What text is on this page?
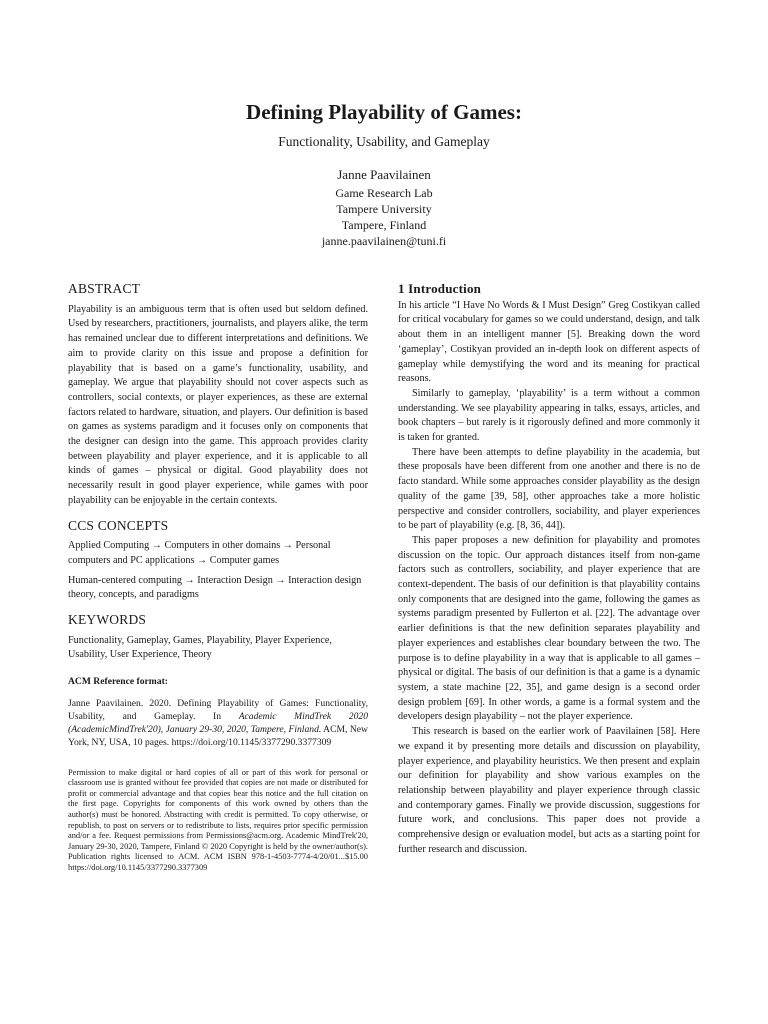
Defining Playability of Games:
Functionality, Usability, and Gameplay
Janne Paavilainen
Game Research Lab
Tampere University
Tampere, Finland
janne.paavilainen@tuni.fi
ABSTRACT

Playability is an ambiguous term that is often used but seldom defined. Used by researchers, practitioners, journalists, and players alike, the term has remained unclear due to different interpretations and definitions. We aim to provide clarity on this issue and propose a definition for playability that is based on a game’s functionality, usability, and gameplay. We argue that playability should not cover aspects such as controllers, social contexts, or player experiences, as these are external factors related to hardware, situation, and players. Our definition is based on games as systems paradigm and it focuses only on components that the designer can design into the game. This approach provides clarity between playability and player experience, and it is applicable to all kinds of games – physical or digital. Good playability does not necessarily result in good player experience, while games with poor playability can be enjoyable in the certain contexts.

CCS CONCEPTS

Applied Computing → Computers in other domains → Personal computers and PC applications → Computer games

Human-centered computing → Interaction Design → Interaction design theory, concepts, and paradigms

KEYWORDS

Functionality, Gameplay, Games, Playability, Player Experience, Usability, User Experience, Theory

ACM Reference format:

Janne Paavilainen. 2020. Defining Playability of Games: Functionality, Usability, and Gameplay. In Academic MindTrek 2020 (AcademicMindTrek'20), January 29-30, 2020, Tampere, Finland. ACM, New York, NY, USA, 10 pages. https://doi.org/10.1145/3377290.3377309

Permission to make digital or hard copies of all or part of this work for personal or classroom use is granted without fee provided that copies are not made or distributed for profit or commercial advantage and that copies bear this notice and the full citation on the first page. Copyrights for components of this work owned by others than the author(s) must be honored. Abstracting with credit is permitted. To copy otherwise, or republish, to post on servers or to redistribute to lists, requires prior specific permission and/or a fee. Request permissions from Permissions@acm.org. Academic MindTrek'20, January 29-30, 2020, Tampere, Finland © 2020 Copyright is held by the owner/author(s). Publication rights licensed to ACM. ACM ISBN 978-1-4503-7774-4/20/01...$15.00 https://doi.org/10.1145/3377290.3377309

1 Introduction

In his article “I Have No Words & I Must Design” Greg Costikyan called for critical vocabulary for games so we could understand, design, and talk about them in an intelligent manner [5]. Breaking down the word ‘gameplay’, Costikyan provided an in-depth look on different aspects of gameplay while demystifying the word and its meaning for practical reasons.

Similarly to gameplay, ‘playability’ is a term without a common understanding. We see playability appearing in talks, essays, articles, and book chapters – but rarely is it rigorously defined and more commonly it is taken for granted.

There have been attempts to define playability in the academia, but these proposals have been different from one another and there is no de facto standard. While some approaches consider playability as the design quality of the game [39, 58], other approaches take a more holistic perspective and consider controllers, sociability, and player experiences to be part of playability (e.g. [8, 36, 44]).

This paper proposes a new definition for playability and promotes discussion on the topic. Our approach distances itself from non-game factors such as controllers, sociability, and player experience that are context-dependent. The basis of our definition is that playability contains only components that are designed into the game, following the games as systems paradigm presented by Fullerton et al. [22]. The advantage over earlier definitions is that the new definition separates playability and player experiences and establishes clear boundary between the two. The purpose is to define playability in a way that is applicable to all games – physical or digital. The basis of our definition is that a game is a dynamic system, a state machine [22, 35], and game design is a second order design problem [69]. In other words, a game is a formal system and the developers design playability – not the player experience.

This research is based on the earlier work of Paavilainen [58]. Here we expand it by presenting more details and discussion on playability, player experience, and playability heuristics. We then present and explain our definition for playability and show various examples on the relationship between playability and player experience through classic and contemporary games. Finally we provide discussion, suggestions for future work, and conclusions. This paper does not provide a comprehensive design or evaluation model, but acts as a starting point for further research and discussion.
